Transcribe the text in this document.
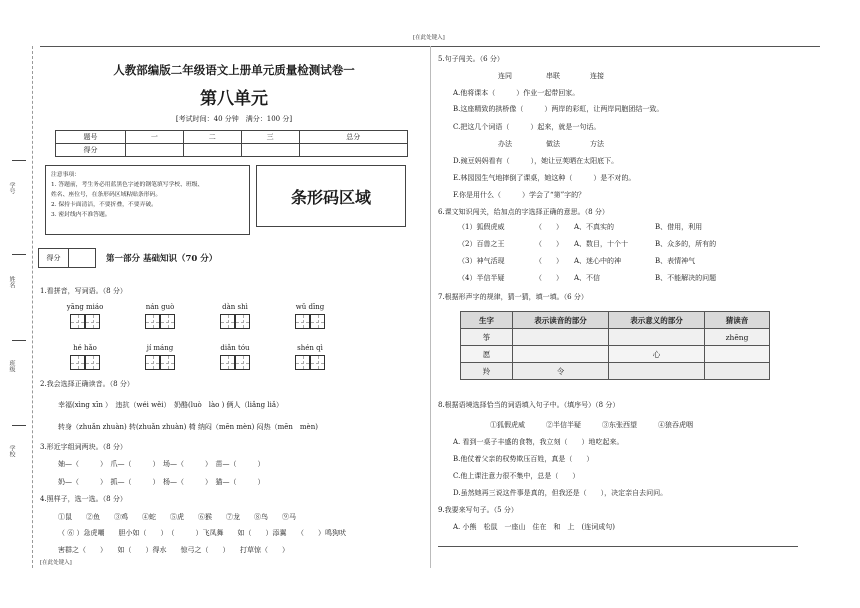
[在此处键入]
[在此处键入]
学号
姓名
班级
学校
人教部编版二年级语文上册单元质量检测试卷一
第八单元
[考试时间：40 分钟　满分：100 分]
题号	一	二	三	总分
得分				
注意事项：
1. 答题前，考生务必用蓝黑色字迹的钢笔填写学校、班级、
姓名、座位号，在条形码区域粘贴条形码。
2. 保持卡面清洁，不要折叠，不要弄破。
3. 密封线内不准答题。
条形码区域
得分	第一部分 基础知识（70 分）
1.看拼音，写词语。（8 分）
yāng miáo	nán guò	dàn shì	wǔ dīng
hé hǎo	jí máng	diǎn tóu	shén qì
2.我会选择正确读音。（8 分）
幸福(xìng xīn ）　违抗（wéi wěi）　奶酪(luò　lào ) 俩人（liǎng liǎ）
转身（zhuǎn zhuàn) 转(zhuǎn zhuàn) 椅 纳闷（mēn mèn) 闷热（mēn　mèn)
3.形近字组词两块。（8 分）
妯—（　　　）　爪—（　　　）　场—（　　　）　苗—（　　　）
奶—（　　　）　抓—（　　　）　杨—（　　　）　猫—（　　　）
4.照样子，选一选。（8 分）
①鼠　　②鱼　　③鸡　　④蛇　　⑤虎　　⑥猴　　⑦龙　　⑧鸟　　⑨马
（ ⑥ ）急虎嘲　　胆小如（　　）　（　　　）飞凤舞　　如（　　）添翼　　（　　）鸣狗吠
害群之（　　）　　如（　　）得水　　惊弓之（　　）　　打草惊（　　）
5.句子闯关。（6 分）
连同	串联	连接
A.他将课本（　　　）作业一起带回家。
B.这座精致的拱桥像（　　　）两岸的彩虹，让两岸同胞团结一致。
C.把这几个词语（　　　）起来，就是一句话。
办法	做法	方法
D.豌豆妈妈看有（　　　），她让豆荚晒在太阳底下。
E.林园园生气地摔倒了课桌，她这种（　　　）是不对的。
F.你是用什么（　　　）学会了“第”字的？
6.课文知识闯关，给加点的字选择正确的意思。（8 分）
（1）狐假虎威	（　　） A、不真实的	B、借用，利用
（2）百兽之王	（　　） A、数目，十个十	B、众多的，所有的
（3）神气活现	（　　） A、迷心中的神	B、表情神气
（4）半信半疑	（　　） A、不信	B、不能解决的问题
7.根据形声字的规律，猜一猜，填一填。（6 分）
生字	表示读音的部分	表示意义的部分	猜读音
筝			zhēng
愿		心	
羚	令		
8.根据语境选择恰当的词语填入句子中。（填序号）（8 分）
①狐假虎威　　　②半信半疑　　　③东张西望　　　④狼吞虎咽
A. 看到一桌子丰盛的食物，我立刻（　　）地吃起来。
B.他仗着父亲的权势欺压百姓，真是（　　）
C.他上课注意力很不集中，总是（　　）
D.虽然她再三说这件事是真的，但我还是（　　），决定亲自去问问。
9.我要来写句子。（5 分）
A. 小熊　松鼠　一座山　住在　和　上　(连词成句)
